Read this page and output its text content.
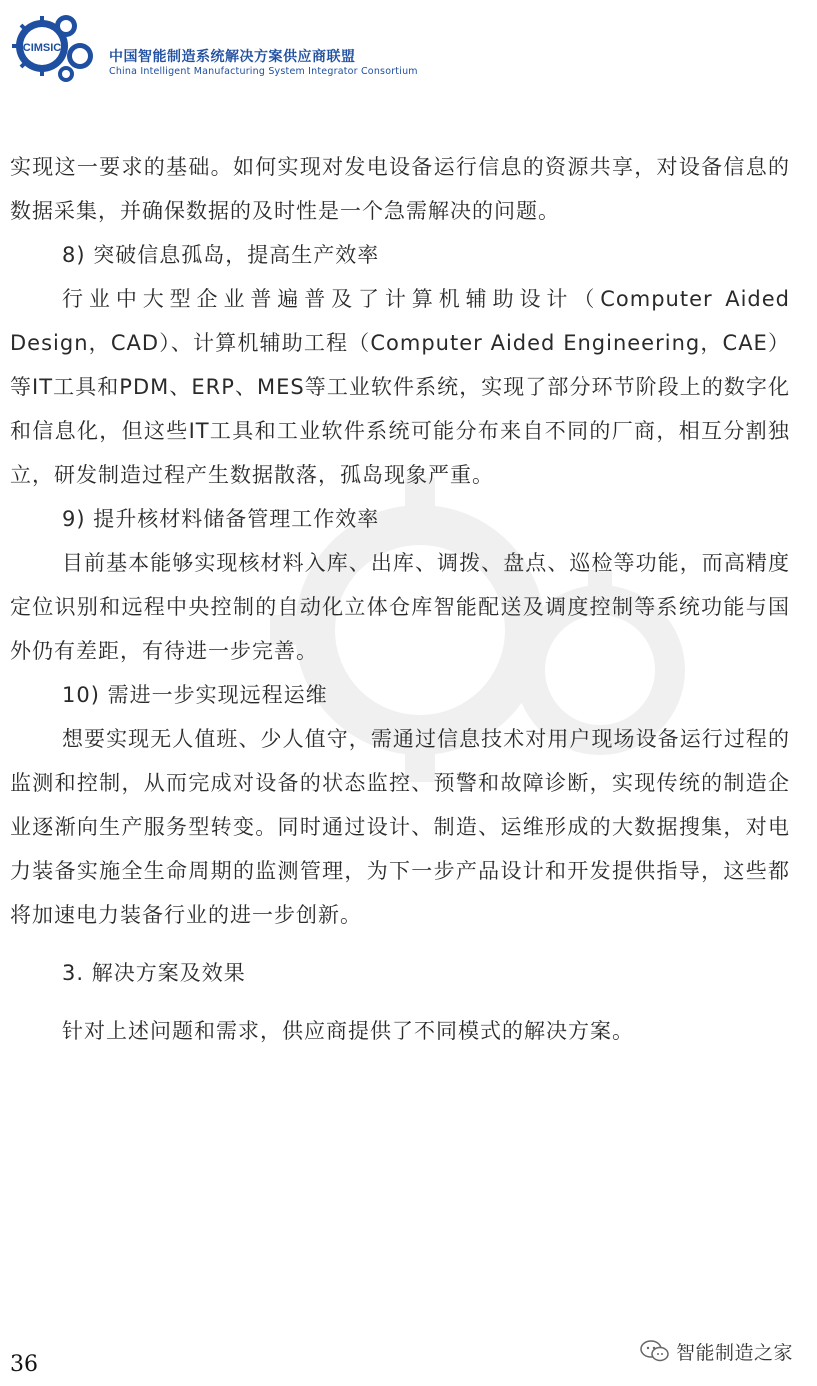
CIMSIC
中国智能制造系统解决方案供应商联盟
China Intelligent Manufacturing System Integrator Consortium

实现这一要求的基础。如何实现对发电设备运行信息的资源共享，对设备信息的数据采集，并确保数据的及时性是一个急需解决的问题。

8) 突破信息孤岛，提高生产效率

行业中大型企业普遍普及了计算机辅助设计（Computer Aided Design，CAD）、计算机辅助工程（Computer Aided Engineering，CAE）等IT工具和PDM、ERP、MES等工业软件系统，实现了部分环节阶段上的数字化和信息化，但这些IT工具和工业软件系统可能分布来自不同的厂商，相互分割独立，研发制造过程产生数据散落，孤岛现象严重。

9) 提升核材料储备管理工作效率

目前基本能够实现核材料入库、出库、调拨、盘点、巡检等功能，而高精度定位识别和远程中央控制的自动化立体仓库智能配送及调度控制等系统功能与国外仍有差距，有待进一步完善。

10) 需进一步实现远程运维

想要实现无人值班、少人值守，需通过信息技术对用户现场设备运行过程的监测和控制，从而完成对设备的状态监控、预警和故障诊断，实现传统的制造企业逐渐向生产服务型转变。同时通过设计、制造、运维形成的大数据搜集，对电力装备实施全生命周期的监测管理，为下一步产品设计和开发提供指导，这些都将加速电力装备行业的进一步创新。

3. 解决方案及效果

针对上述问题和需求，供应商提供了不同模式的解决方案。

36	智能制造之家
